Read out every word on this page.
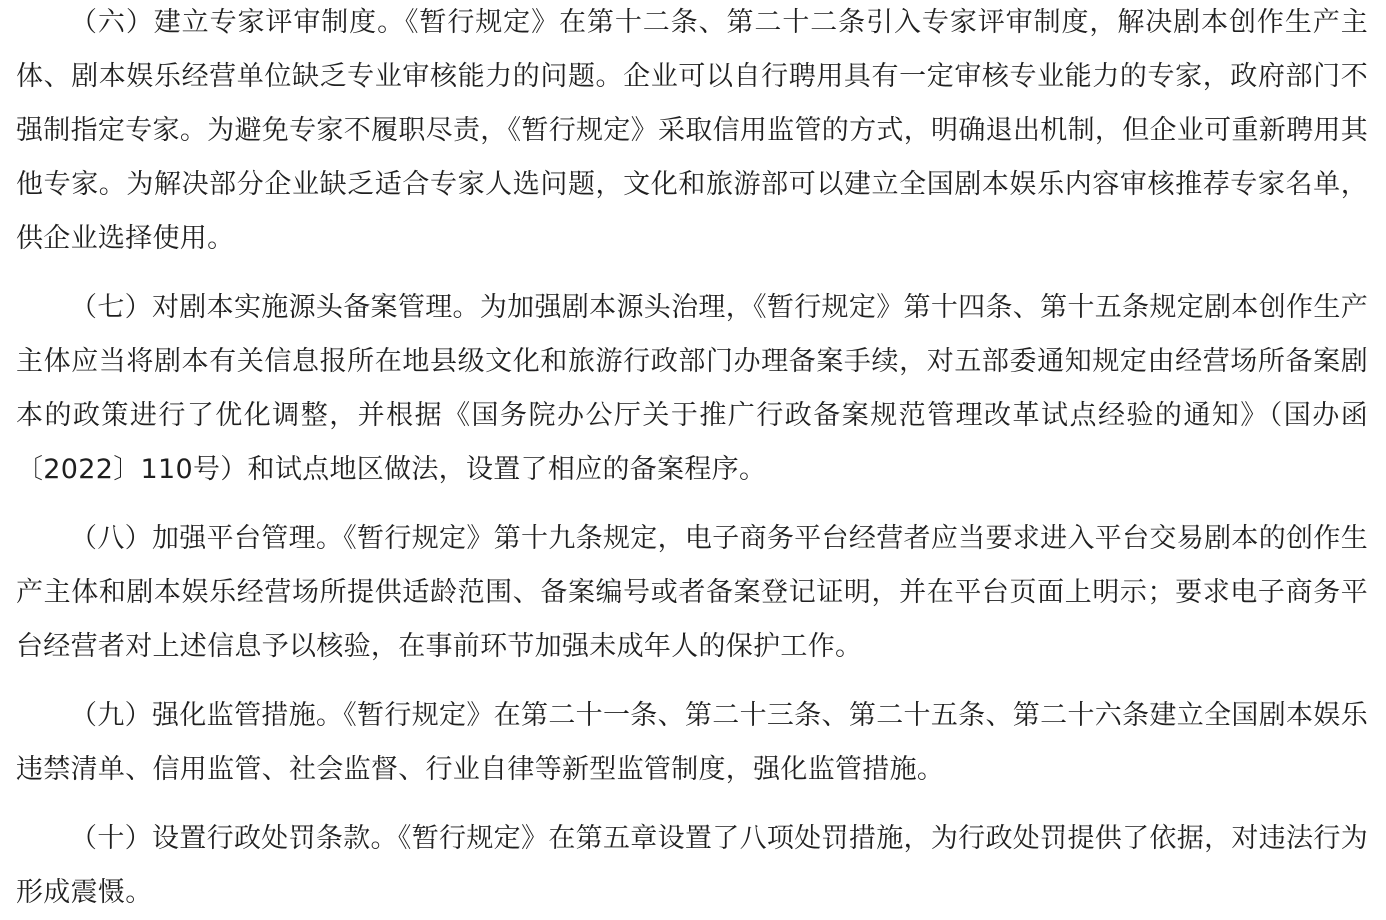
（六）建立专家评审制度。《暂行规定》在第十二条、第二十二条引入专家评审制度，解决剧本创作生产主体、剧本娱乐经营单位缺乏专业审核能力的问题。企业可以自行聘用具有一定审核专业能力的专家，政府部门不强制指定专家。为避免专家不履职尽责，《暂行规定》采取信用监管的方式，明确退出机制，但企业可重新聘用其他专家。为解决部分企业缺乏适合专家人选问题，文化和旅游部可以建立全国剧本娱乐内容审核推荐专家名单，供企业选择使用。

（七）对剧本实施源头备案管理。为加强剧本源头治理，《暂行规定》第十四条、第十五条规定剧本创作生产主体应当将剧本有关信息报所在地县级文化和旅游行政部门办理备案手续，对五部委通知规定由经营场所备案剧本的政策进行了优化调整，并根据《国务院办公厅关于推广行政备案规范管理改革试点经验的通知》（国办函〔2022〕110号）和试点地区做法，设置了相应的备案程序。

（八）加强平台管理。《暂行规定》第十九条规定，电子商务平台经营者应当要求进入平台交易剧本的创作生产主体和剧本娱乐经营场所提供适龄范围、备案编号或者备案登记证明，并在平台页面上明示；要求电子商务平台经营者对上述信息予以核验，在事前环节加强未成年人的保护工作。

（九）强化监管措施。《暂行规定》在第二十一条、第二十三条、第二十五条、第二十六条建立全国剧本娱乐违禁清单、信用监管、社会监督、行业自律等新型监管制度，强化监管措施。

（十）设置行政处罚条款。《暂行规定》在第五章设置了八项处罚措施，为行政处罚提供了依据，对违法行为形成震慑。
